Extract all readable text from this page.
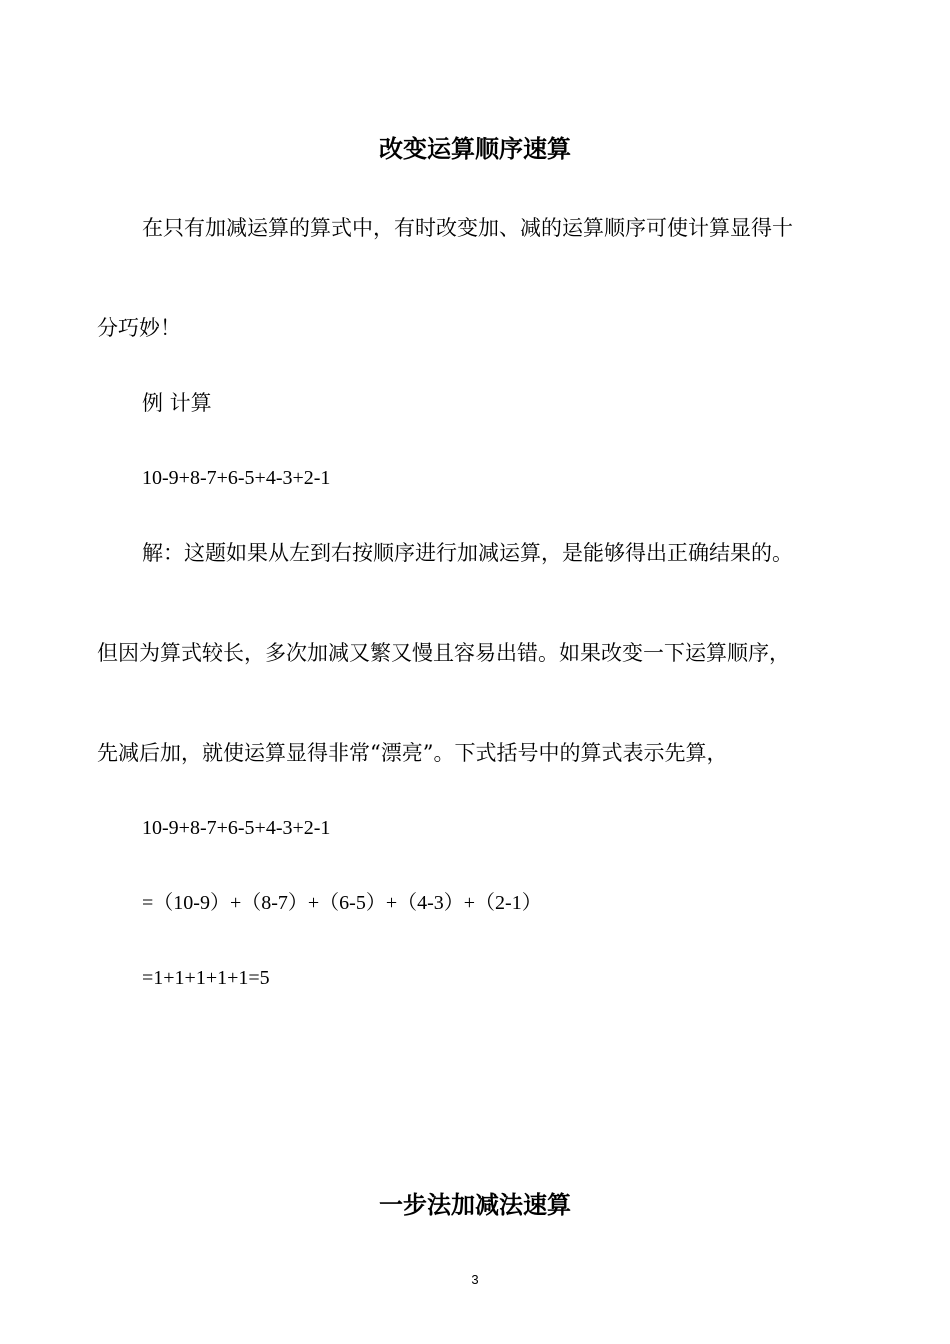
改变运算顺序速算
在只有加减运算的算式中，有时改变加、减的运算顺序可使计算显得十
分巧妙！
例 计算
10-9+8-7+6-5+4-3+2-1
解：这题如果从左到右按顺序进行加减运算，是能够得出正确结果的。
但因为算式较长，多次加减又繁又慢且容易出错。如果改变一下运算顺序，
先减后加，就使运算显得非常“漂亮”。下式括号中的算式表示先算，
10-9+8-7+6-5+4-3+2-1
=（10-9）+（8-7）+（6-5）+（4-3）+（2-1）
=1+1+1+1+1=5
一步法加减法速算
3
